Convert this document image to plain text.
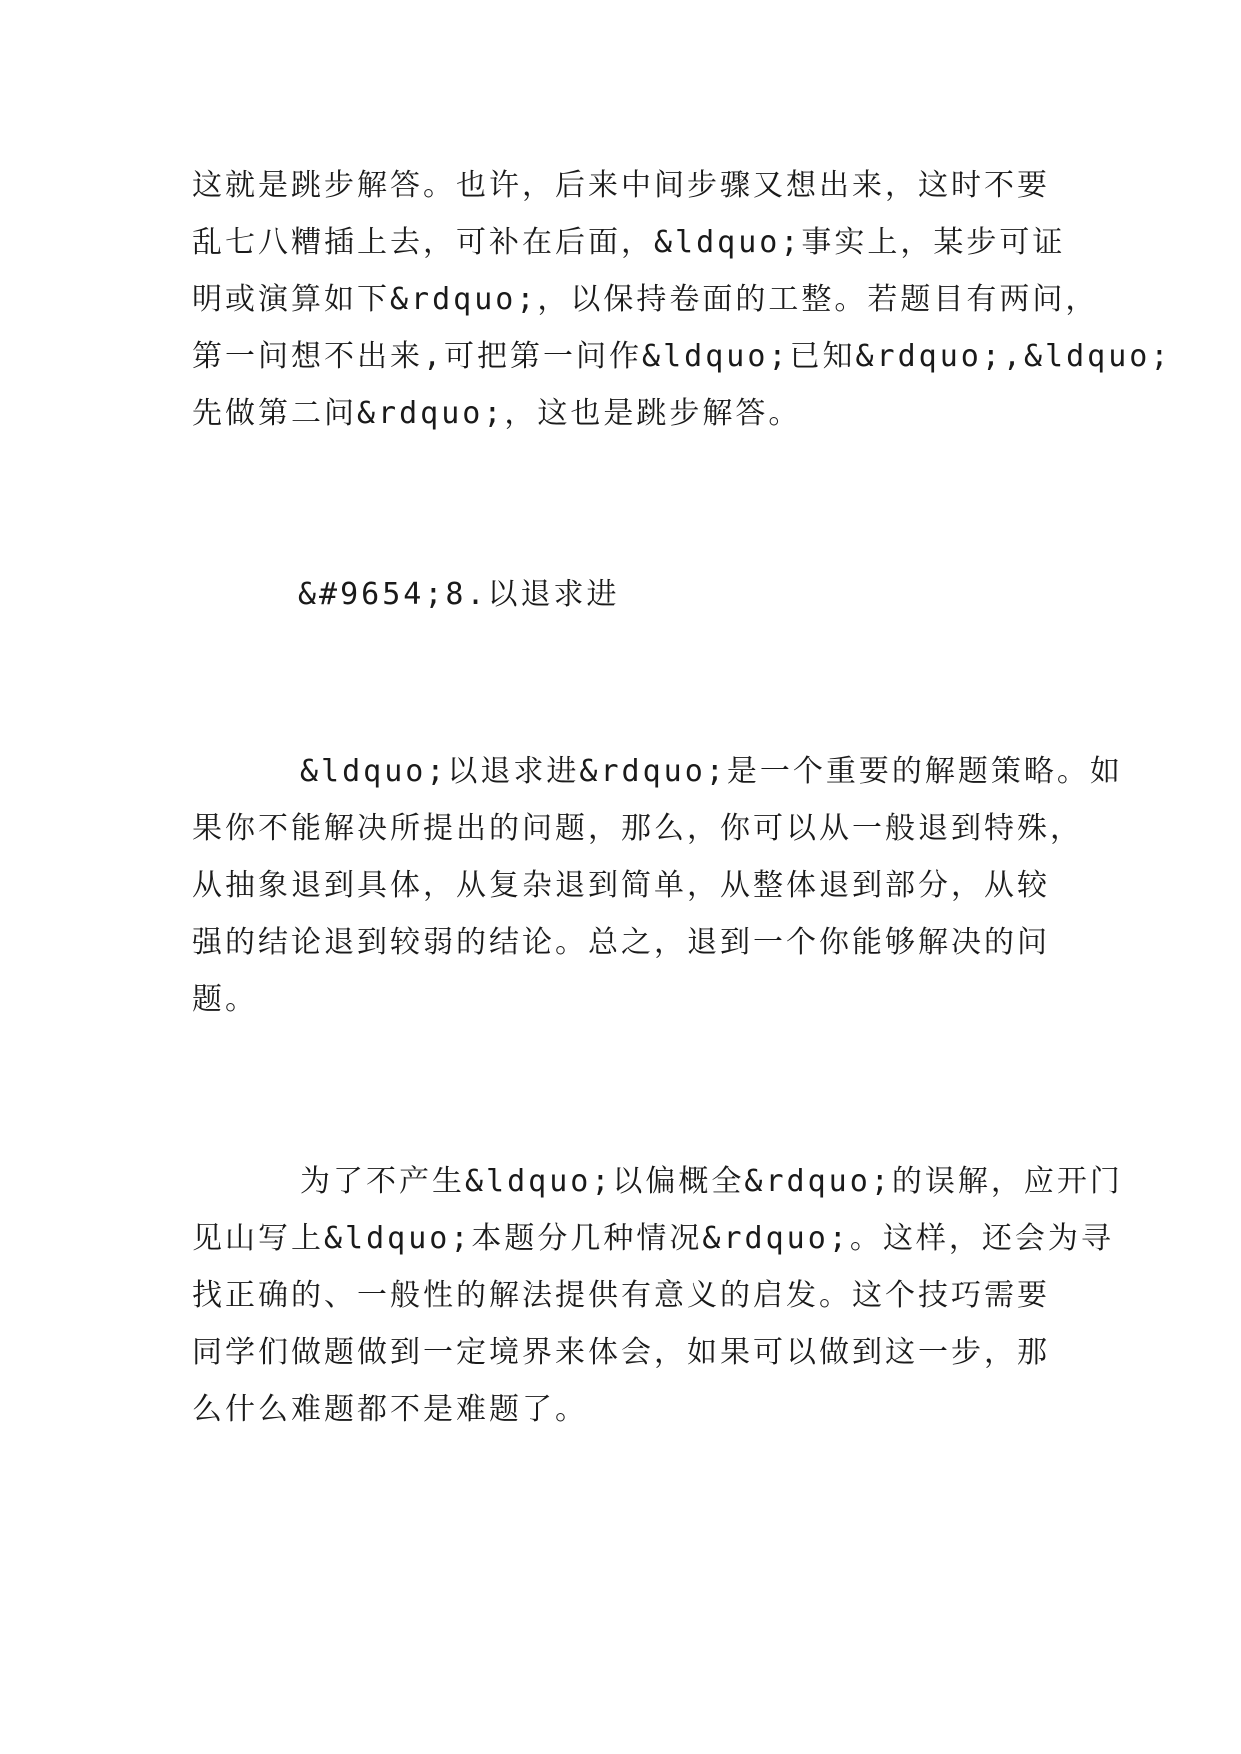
这就是跳步解答。也许，后来中间步骤又想出来，这时不要
乱七八糟插上去，可补在后面，&ldquo;事实上，某步可证
明或演算如下&rdquo;，以保持卷面的工整。若题目有两问，
第一问想不出来,可把第一问作&ldquo;已知&rdquo;,&ldquo;
先做第二问&rdquo;，这也是跳步解答。
&#9654;8.以退求进
&ldquo;以退求进&rdquo;是一个重要的解题策略。如
果你不能解决所提出的问题，那么，你可以从一般退到特殊，
从抽象退到具体，从复杂退到简单，从整体退到部分，从较
强的结论退到较弱的结论。总之，退到一个你能够解决的问
题。
为了不产生&ldquo;以偏概全&rdquo;的误解，应开门
见山写上&ldquo;本题分几种情况&rdquo;。这样，还会为寻
找正确的、一般性的解法提供有意义的启发。这个技巧需要
同学们做题做到一定境界来体会，如果可以做到这一步，那
么什么难题都不是难题了。
